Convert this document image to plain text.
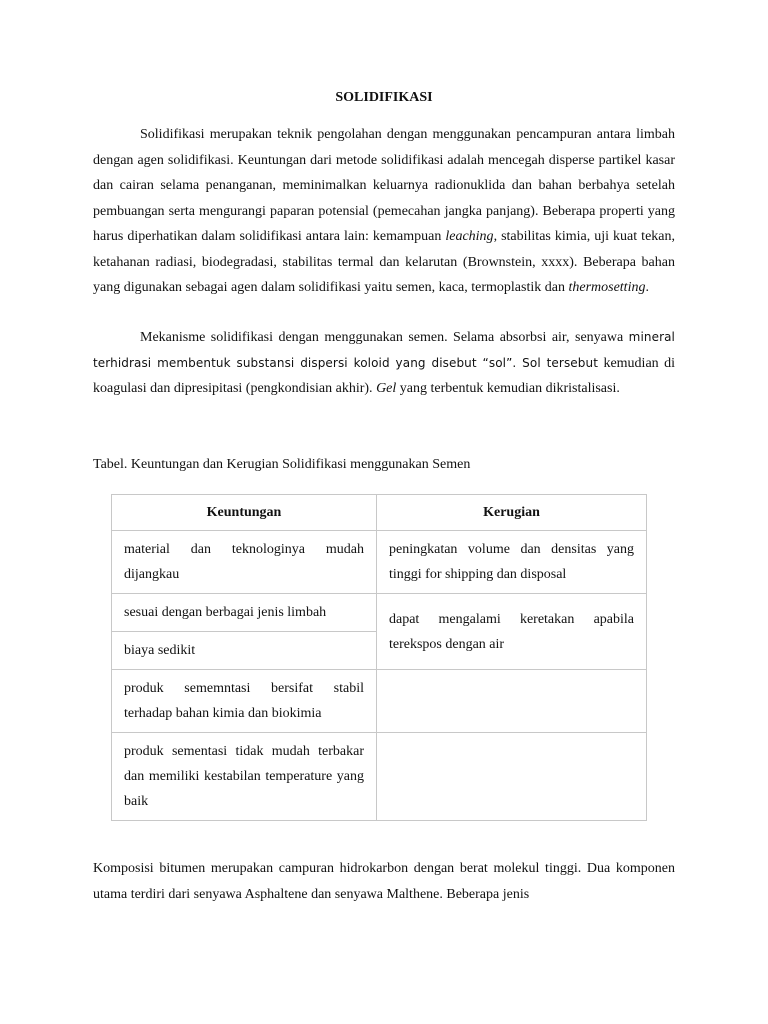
SOLIDIFIKASI

Solidifikasi merupakan teknik pengolahan dengan menggunakan pencampuran antara limbah dengan agen solidifikasi. Keuntungan dari metode solidifikasi adalah mencegah disperse partikel kasar dan cairan selama penanganan, meminimalkan keluarnya radionuklida dan bahan berbahya setelah pembuangan serta mengurangi paparan potensial (pemecahan jangka panjang). Beberapa properti yang harus diperhatikan dalam solidifikasi antara lain: kemampuan leaching, stabilitas kimia, uji kuat tekan, ketahanan radiasi, biodegradasi, stabilitas termal dan kelarutan (Brownstein, xxxx). Beberapa bahan yang digunakan sebagai agen dalam solidifikasi yaitu semen, kaca, termoplastik dan thermosetting.

Mekanisme solidifikasi dengan menggunakan semen. Selama absorbsi air, senyawa mineral terhidrasi membentuk substansi dispersi koloid yang disebut “sol”. Sol tersebut kemudian di koagulasi dan dipresipitasi (pengkondisian akhir). Gel yang terbentuk kemudian dikristalisasi.

Tabel. Keuntungan dan Kerugian Solidifikasi menggunakan Semen
Keuntungan	Kerugian
material dan teknologinya mudah dijangkau	peningkatan volume dan densitas yang tinggi for shipping dan disposal
sesuai dengan berbagai jenis limbah	dapat mengalami keretakan apabila terekspos dengan air
biaya sedikit	
produk sememntasi bersifat stabil terhadap bahan kimia dan biokimia	
produk sementasi tidak mudah terbakar dan memiliki kestabilan temperature yang baik	

Komposisi bitumen merupakan campuran hidrokarbon dengan berat molekul tinggi. Dua komponen utama terdiri dari senyawa Asphaltene dan senyawa Malthene. Beberapa jenis
